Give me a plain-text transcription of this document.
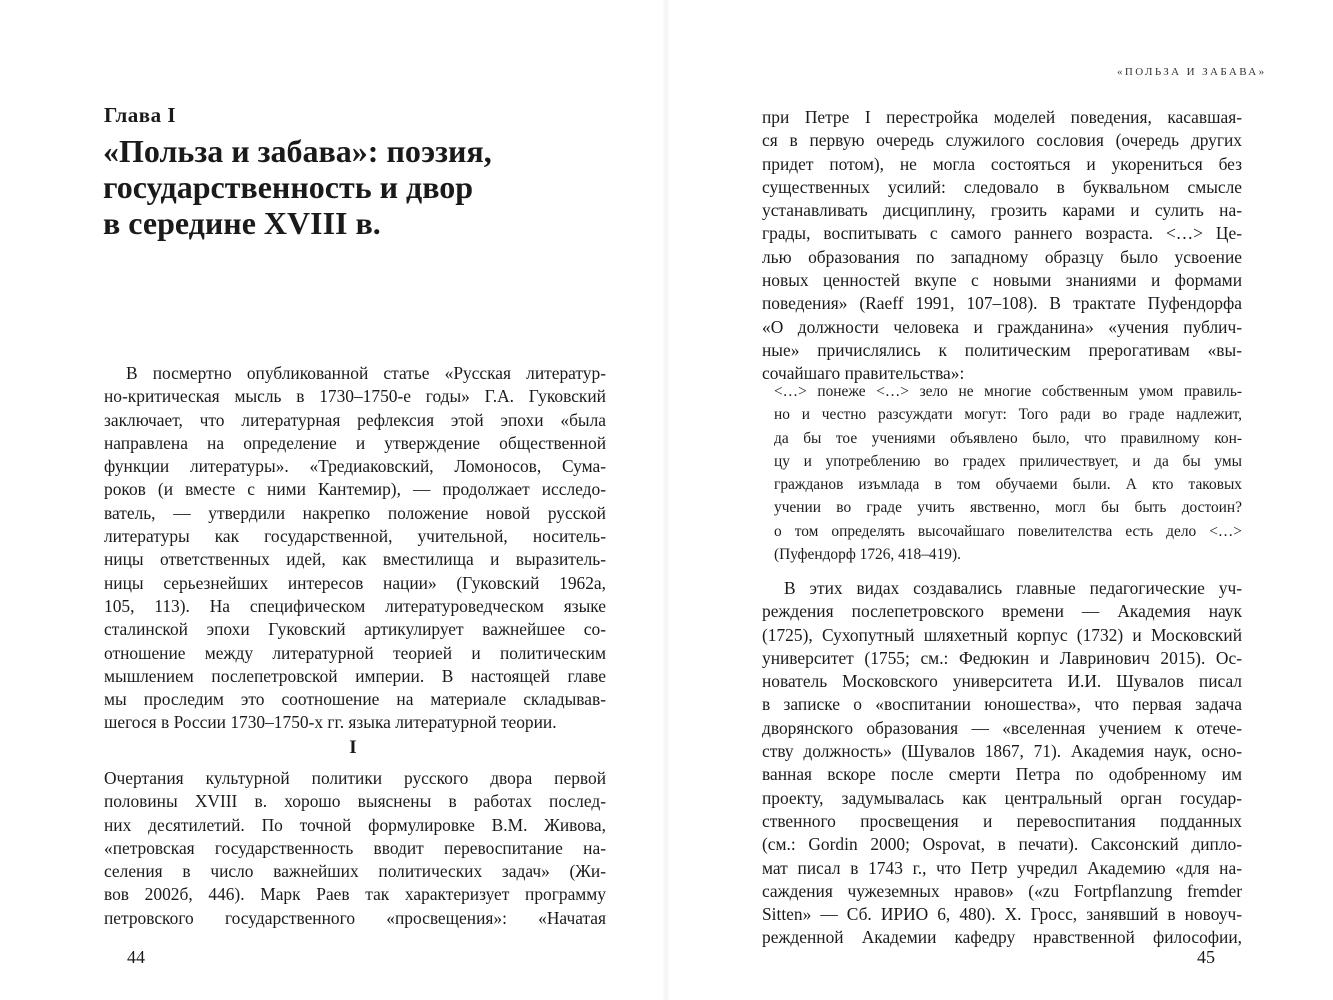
«ПОЛЬЗА И ЗАБАВА»
Глава I
«Польза и забава»: поэзия,
государственность и двор
в середине XVIII в.
В посмертно опубликованной статье «Русская литератур-
но-критическая мысль в 1730–1750-е годы» Г.А. Гуковский
заключает, что литературная рефлексия этой эпохи «была
направлена на определение и утверждение общественной
функции литературы». «Тредиаковский, Ломоносов, Сума-
роков (и вместе с ними Кантемир), — продолжает исследо-
ватель, — утвердили накрепко положение новой русской
литературы как государственной, учительной, носитель-
ницы ответственных идей, как вместилища и выразитель-
ницы серьезнейших интересов нации» (Гуковский 1962а,
105, 113). На специфическом литературоведческом языке
сталинской эпохи Гуковский артикулирует важнейшее со-
отношение между литературной теорией и политическим
мышлением послепетровской империи. В настоящей главе
мы проследим это соотношение на материале складывав-
шегося в России 1730–1750-х гг. языка литературной теории.
I
Очертания культурной политики русского двора первой
половины XVIII в. хорошо выяснены в работах послед-
них десятилетий. По точной формулировке В.М. Живова,
«петровская государственность вводит перевоспитание на-
селения в число важнейших политических задач» (Жи-
вов 2002б, 446). Марк Раев так характеризует программу
петровского государственного «просвещения»: «Начатая
при Петре I перестройка моделей поведения, касавшая-
ся в первую очередь служилого сословия (очередь других
придет потом), не могла состояться и укорениться без
существенных усилий: следовало в буквальном смысле
устанавливать дисциплину, грозить карами и сулить на-
грады, воспитывать с самого раннего возраста. <…> Це-
лью образования по западному образцу было усвоение
новых ценностей вкупе с новыми знаниями и формами
поведения» (Raeff 1991, 107–108). В трактате Пуфендорфа
«О должности человека и гражданина» «учения публич-
ные» причислялись к политическим прерогативам «вы-
сочайшаго правительства»:
<…> понеже <…> зело не многие собственным умом правиль-
но и честно разсуждати могут: Того ради во граде надлежит,
да бы тое учениями объявлено было, что правилному кон-
цу и употреблению во градех приличествует, и да бы умы
гражданов изъмлада в том обучаеми были. А кто таковых
учении во граде учить явственно, могл бы быть достоин?
о том определять высочайшаго повелителства есть дело <…>
(Пуфендорф 1726, 418–419).
В этих видах создавались главные педагогические уч-
реждения послепетровского времени — Академия наук
(1725), Сухопутный шляхетный корпус (1732) и Московский
университет (1755; см.: Федюкин и Лавринович 2015). Ос-
нователь Московского университета И.И. Шувалов писал
в записке о «воспитании юношества», что первая задача
дворянского образования — «вселенная учением к отече-
ству должность» (Шувалов 1867, 71). Академия наук, осно-
ванная вскоре после смерти Петра по одобренному им
проекту, задумывалась как центральный орган государ-
ственного просвещения и перевоспитания подданных
(см.: Gordin 2000; Ospovat, в печати). Саксонский дипло-
мат писал в 1743 г., что Петр учредил Академию «для на-
саждения чужеземных нравов» («zu Fortpflanzung fremder
Sitten» — Сб. ИРИО 6, 480). Х. Гросс, занявший в новоуч-
режденной Академии кафедру нравственной философии,
44	45
